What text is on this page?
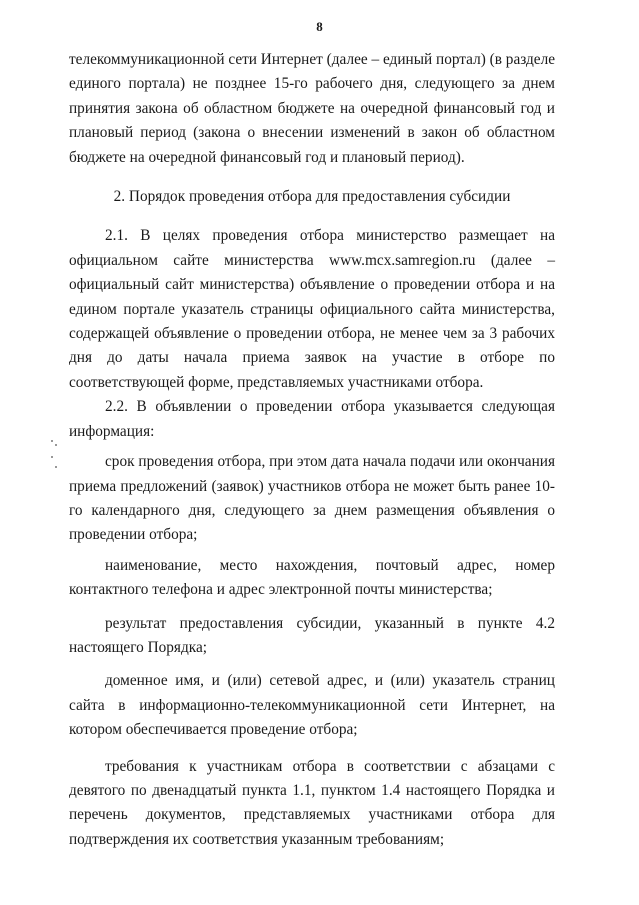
8

телекоммуникационной сети Интернет (далее – единый портал) (в разделе единого портала) не позднее 15-го рабочего дня, следующего за днем принятия закона об областном бюджете на очередной финансовый год и плановый период (закона о внесении изменений в закон об областном бюджете на очередной финансовый год и плановый период).

2. Порядок проведения отбора для предоставления субсидии

2.1. В целях проведения отбора министерство размещает на официальном сайте министерства www.mcx.samregion.ru (далее – официальный сайт министерства) объявление о проведении отбора и на едином портале указатель страницы официального сайта министерства, содержащей объявление о проведении отбора, не менее чем за 3 рабочих дня до даты начала приема заявок на участие в отборе по соответствующей форме, представляемых участниками отбора.

2.2. В объявлении о проведении отбора указывается следующая информация:

срок проведения отбора, при этом дата начала подачи или окончания приема предложений (заявок) участников отбора не может быть ранее 10-го календарного дня, следующего за днем размещения объявления о проведении отбора;

наименование, место нахождения, почтовый адрес, номер контактного телефона и адрес электронной почты министерства;

результат предоставления субсидии, указанный в пункте 4.2 настоящего Порядка;

доменное имя, и (или) сетевой адрес, и (или) указатель страниц сайта в информационно-телекоммуникационной сети Интернет, на котором обеспечивается проведение отбора;

требования к участникам отбора в соответствии с абзацами с девятого по двенадцатый пункта 1.1, пунктом 1.4 настоящего Порядка и перечень документов, представляемых участниками отбора для подтверждения их соответствия указанным требованиям;
